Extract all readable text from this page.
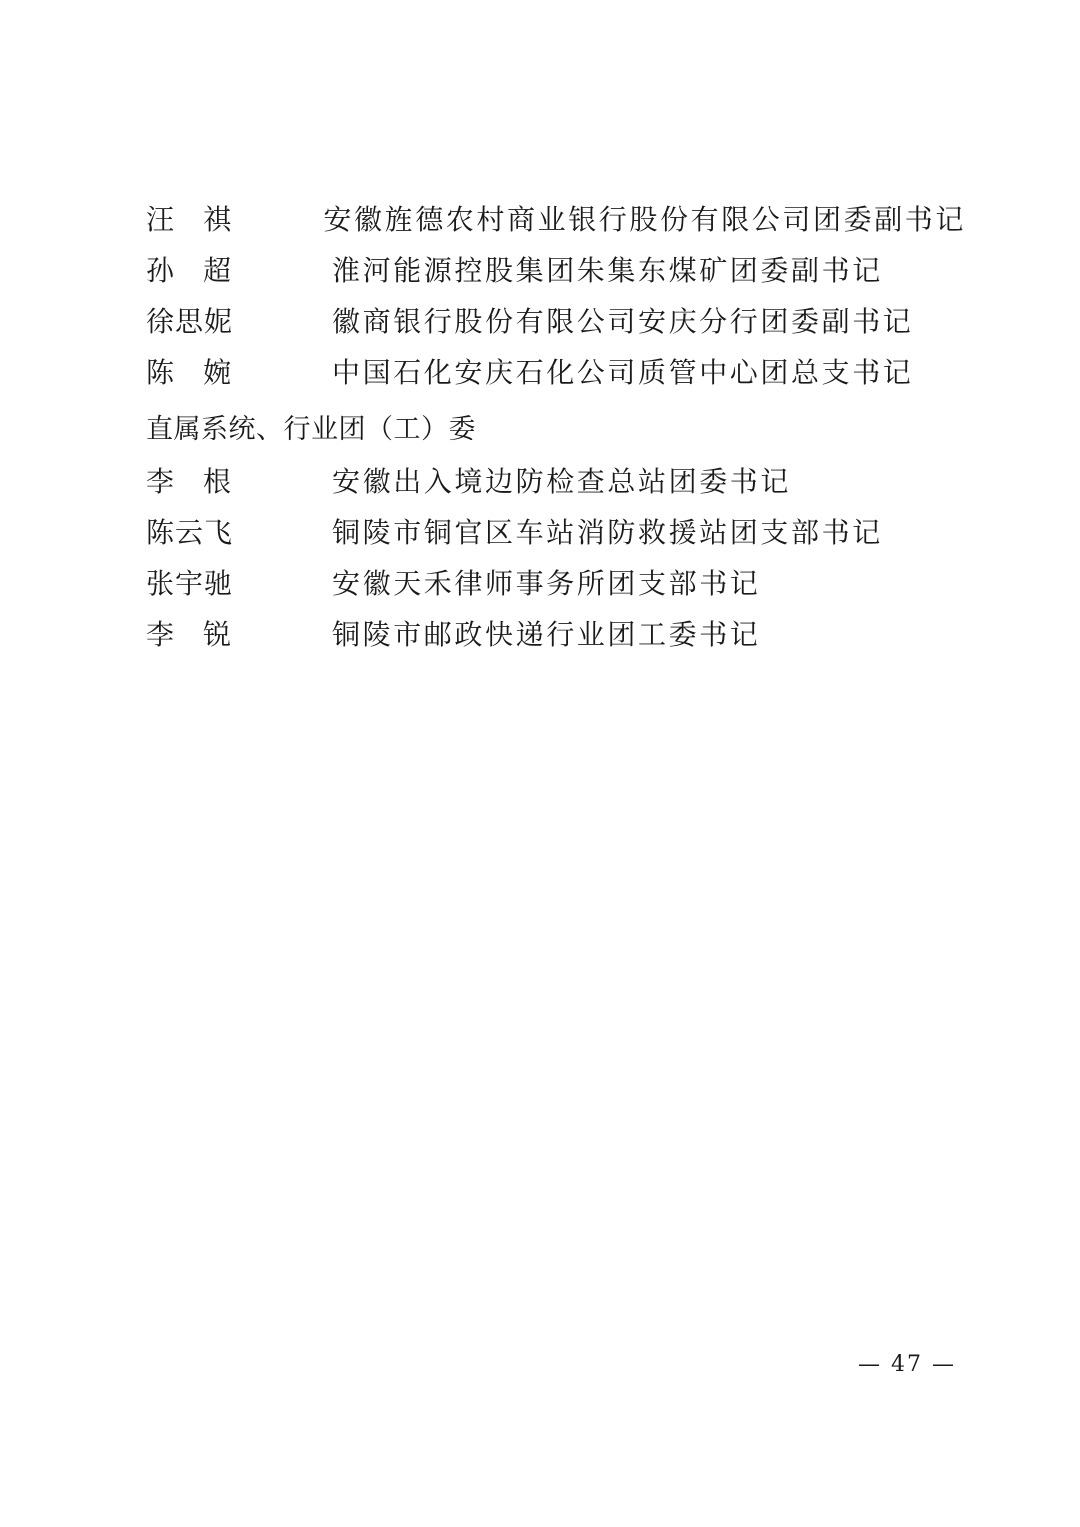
汪 祺	安徽旌德农村商业银行股份有限公司团委副书记
孙 超	淮河能源控股集团朱集东煤矿团委副书记
徐思妮	徽商银行股份有限公司安庆分行团委副书记
陈 婉	中国石化安庆石化公司质管中心团总支书记
直属系统、行业团（工）委
李 根	安徽出入境边防检查总站团委书记
陈云飞	铜陵市铜官区车站消防救援站团支部书记
张宇驰	安徽天禾律师事务所团支部书记
李 锐	铜陵市邮政快递行业团工委书记
— 47 —
